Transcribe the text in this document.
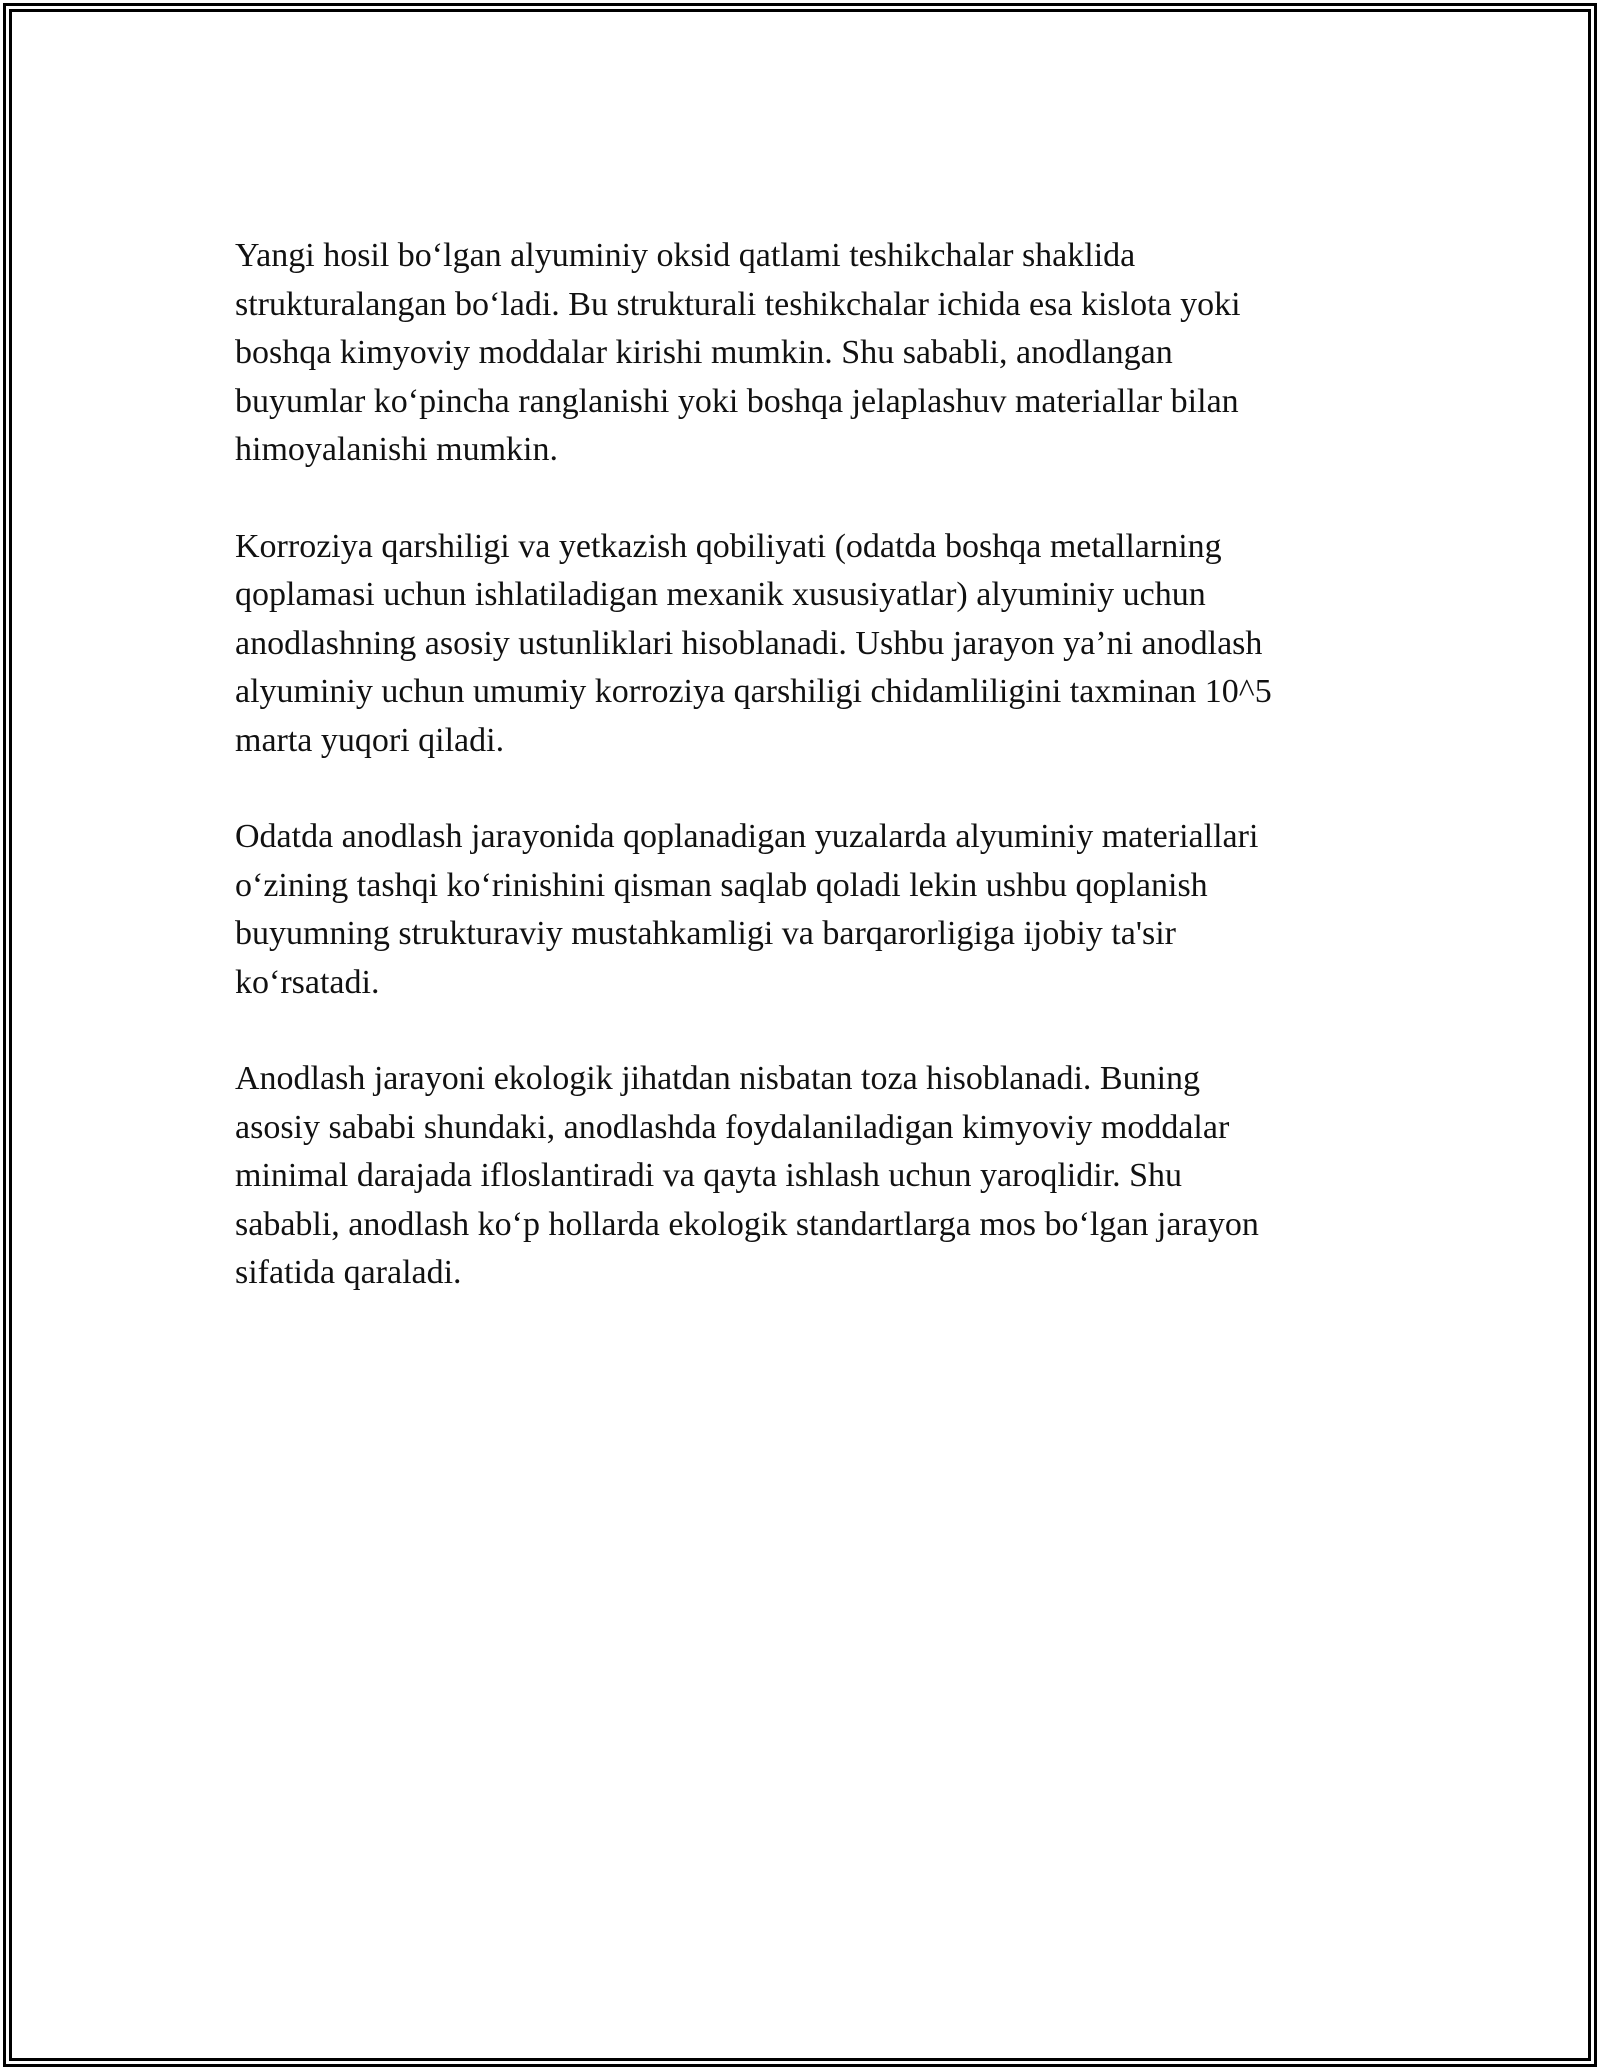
Yangi hosil bo‘lgan alyuminiy oksid qatlami teshikchalar shaklida
strukturalangan bo‘ladi. Bu strukturali teshikchalar ichida esa kislota yoki
boshqa kimyoviy moddalar kirishi mumkin. Shu sababli, anodlangan
buyumlar ko‘pincha ranglanishi yoki boshqa jelaplashuv materiallar bilan
himoyalanishi mumkin.

Korroziya qarshiligi va yetkazish qobiliyati (odatda boshqa metallarning
qoplamasi uchun ishlatiladigan mexanik xususiyatlar) alyuminiy uchun
anodlashning asosiy ustunliklari hisoblanadi. Ushbu jarayon ya’ni anodlash
alyuminiy uchun umumiy korroziya qarshiligi chidamliligini taxminan 10^5
marta yuqori qiladi.

Odatda anodlash jarayonida qoplanadigan yuzalarda alyuminiy materiallari
o‘zining tashqi ko‘rinishini qisman saqlab qoladi lekin ushbu qoplanish
buyumning strukturaviy mustahkamligi va barqarorligiga ijobiy ta'sir
ko‘rsatadi.

Anodlash jarayoni ekologik jihatdan nisbatan toza hisoblanadi. Buning
asosiy sababi shundaki, anodlashda foydalaniladigan kimyoviy moddalar
minimal darajada ifloslantiradi va qayta ishlash uchun yaroqlidir. Shu
sababli, anodlash ko‘p hollarda ekologik standartlarga mos bo‘lgan jarayon
sifatida qaraladi.
